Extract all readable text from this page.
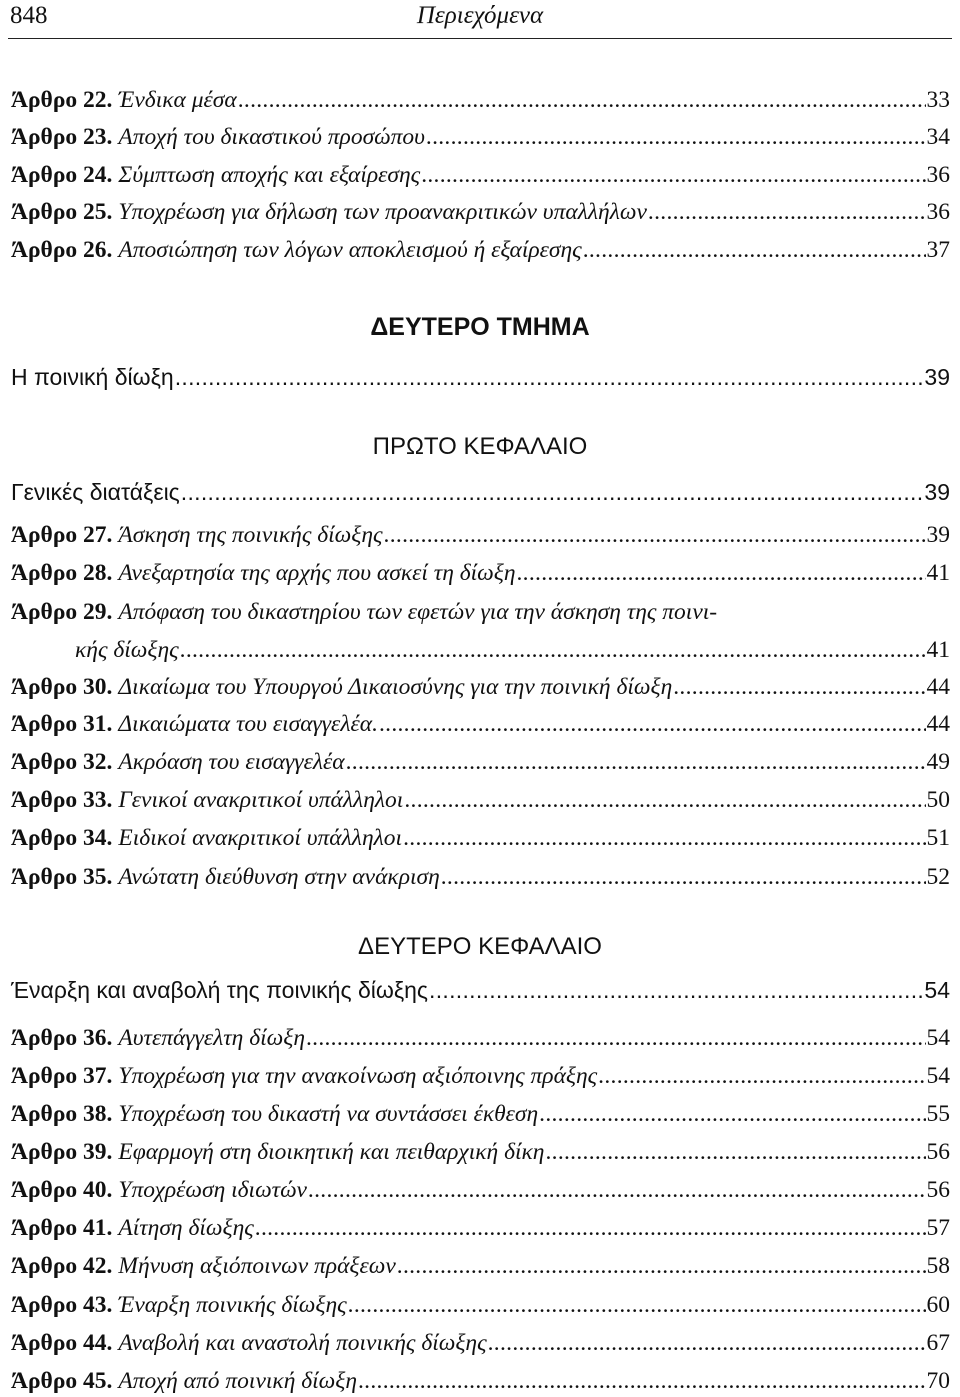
848	Περιεχόμενα
Άρθρο 22. Ένδικα μέσα .....	33
Άρθρο 23. Αποχή του δικαστικού προσώπου .....	34
Άρθρο 24. Σύμπτωση αποχής και εξαίρεσης .....	36
Άρθρο 25. Υποχρέωση για δήλωση των προανακριτικών υπαλλήλων .....	36
Άρθρο 26. Αποσιώπηση των λόγων αποκλεισμού ή εξαίρεσης .....	37
ΔΕΥΤΕΡΟ ΤΜΗΜΑ
Η ποινική δίωξη .....	39
ΠΡΩΤΟ ΚΕΦΑΛΑΙΟ
Γενικές διατάξεις .....	39
Άρθρο 27. Άσκηση της ποινικής δίωξης .....	39
Άρθρο 28. Ανεξαρτησία της αρχής που ασκεί τη δίωξη .....	41
Άρθρο 29. Απόφαση του δικαστηρίου των εφετών για την άσκηση της ποινι-
κής δίωξης .....	41
Άρθρο 30. Δικαίωμα του Υπουργού Δικαιοσύνης για την ποινική δίωξη .....	44
Άρθρο 31. Δικαιώματα του εισαγγελέα. .....	44
Άρθρο 32. Ακρόαση του εισαγγελέα .....	49
Άρθρο 33. Γενικοί ανακριτικοί υπάλληλοι .....	50
Άρθρο 34. Ειδικοί ανακριτικοί υπάλληλοι .....	51
Άρθρο 35. Ανώτατη διεύθυνση στην ανάκριση .....	52
ΔΕΥΤΕΡΟ ΚΕΦΑΛΑΙΟ
Έναρξη και αναβολή της ποινικής δίωξης .....	54
Άρθρο 36. Αυτεπάγγελτη δίωξη .....	54
Άρθρο 37. Υποχρέωση για την ανακοίνωση αξιόποινης πράξης .....	54
Άρθρο 38. Υποχρέωση του δικαστή να συντάσσει έκθεση .....	55
Άρθρο 39. Εφαρμογή στη διοικητική και πειθαρχική δίκη .....	56
Άρθρο 40. Υποχρέωση ιδιωτών .....	56
Άρθρο 41. Αίτηση δίωξης .....	57
Άρθρο 42. Μήνυση αξιόποινων πράξεων .....	58
Άρθρο 43. Έναρξη ποινικής δίωξης .....	60
Άρθρο 44. Αναβολή και αναστολή ποινικής δίωξης .....	67
Άρθρο 45. Αποχή από ποινική δίωξη .....	70
